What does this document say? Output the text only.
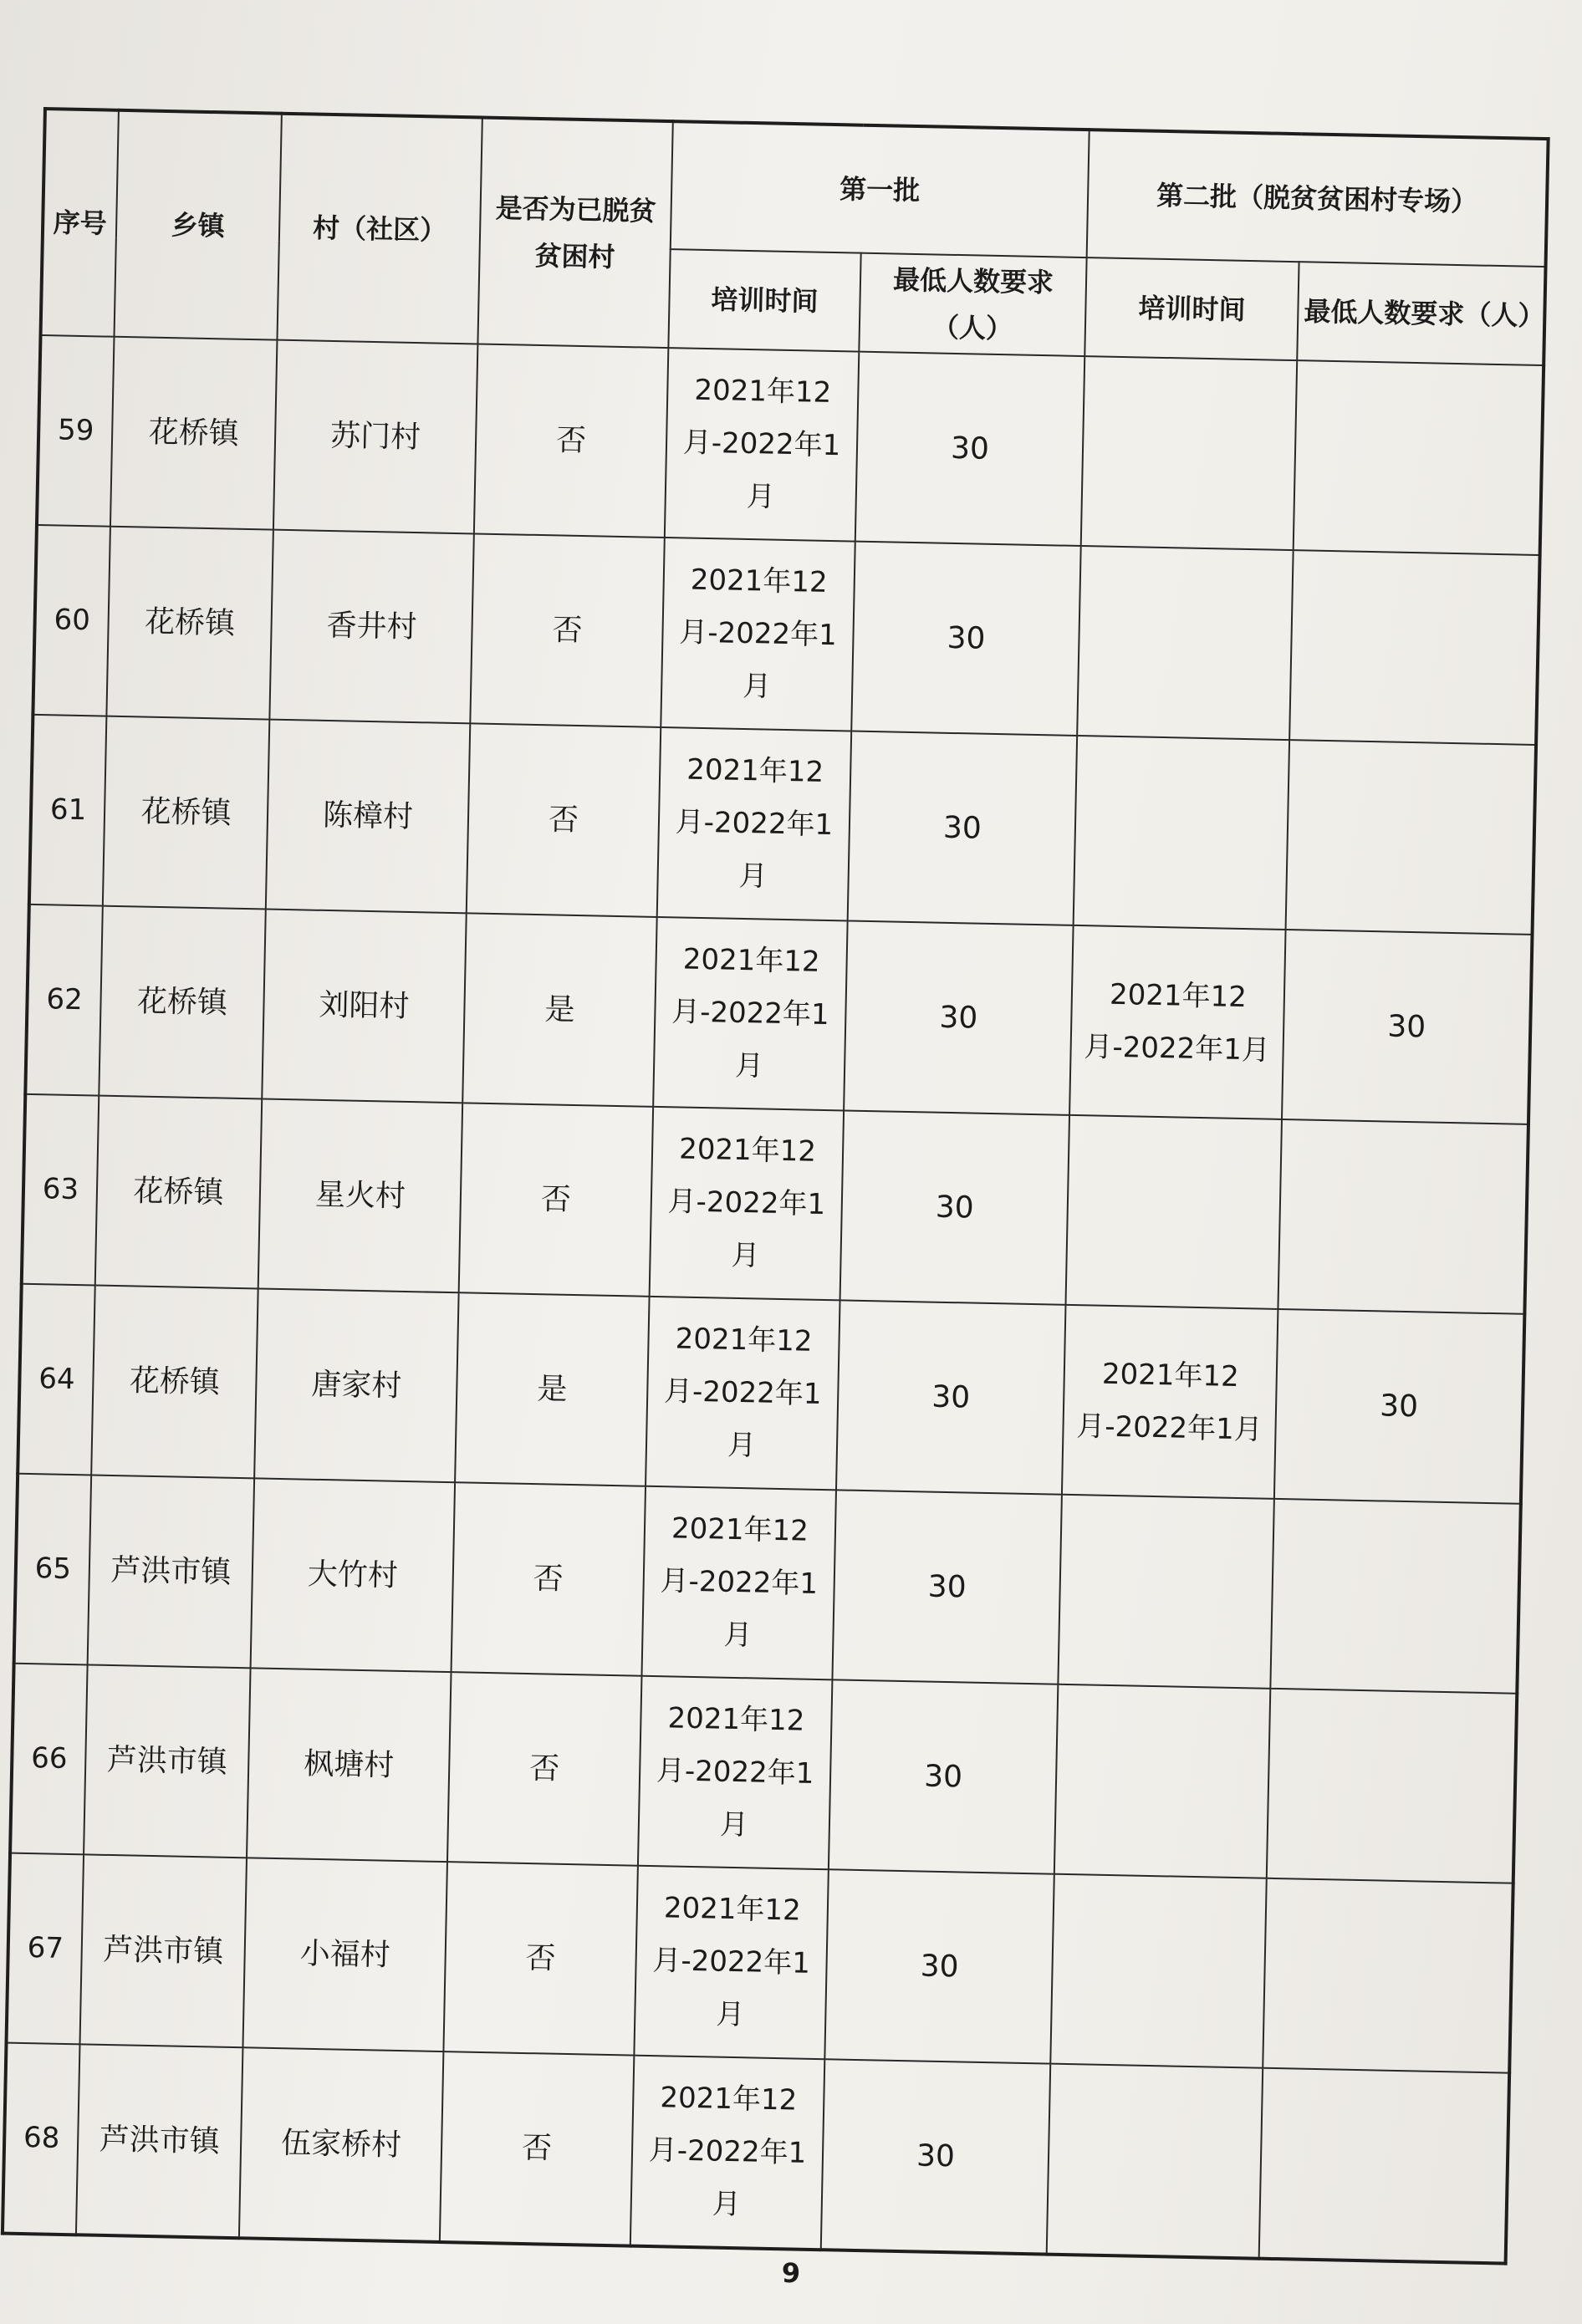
序号	乡镇	村（社区）	是否为已脱贫贫困村	第一批		第二批（脱贫贫困村专场）	
				培训时间	最低人数要求（人）	培训时间	最低人数要求（人）
59	花桥镇	苏门村	否	2021年12月-2022年1月	30		
60	花桥镇	香井村	否	2021年12月-2022年1月	30		
61	花桥镇	陈樟村	否	2021年12月-2022年1月	30		
62	花桥镇	刘阳村	是	2021年12月-2022年1月	30	2021年12月-2022年1月	30
63	花桥镇	星火村	否	2021年12月-2022年1月	30		
64	花桥镇	唐家村	是	2021年12月-2022年1月	30	2021年12月-2022年1月	30
65	芦洪市镇	大竹村	否	2021年12月-2022年1月	30		
66	芦洪市镇	枫塘村	否	2021年12月-2022年1月	30		
67	芦洪市镇	小福村	否	2021年12月-2022年1月	30		
68	芦洪市镇	伍家桥村	否	2021年12月-2022年1月	30		
9
